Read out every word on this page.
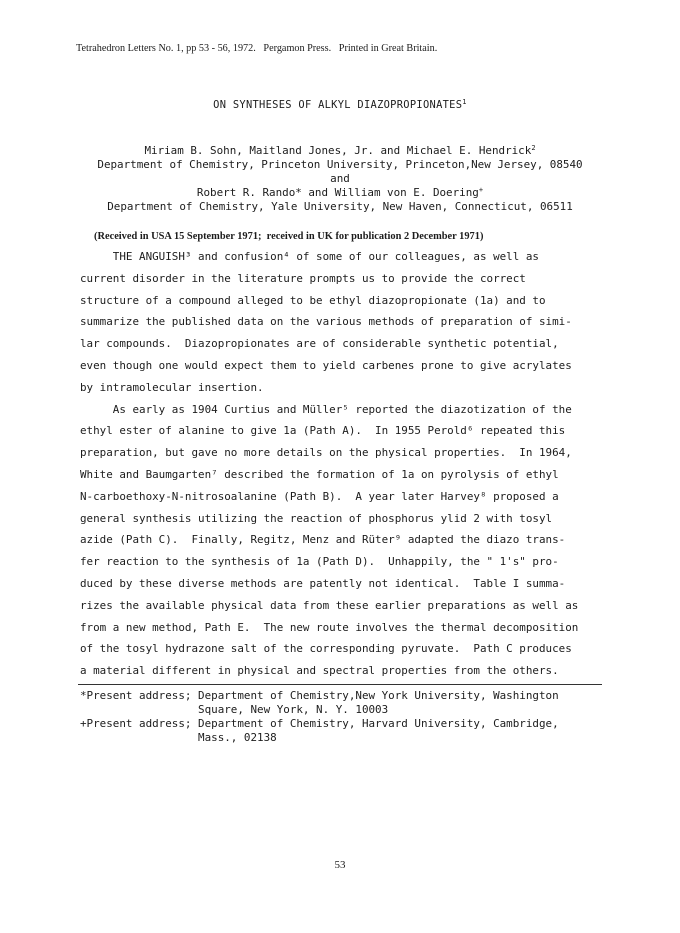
Tetrahedron Letters No. 1, pp 53 - 56, 1972.   Pergamon Press.   Printed in Great Britain.
ON SYNTHESES OF ALKYL DIAZOPROPIONATES$^1$
Miriam B. Sohn, Maitland Jones, Jr. and Michael E. Hendrick$^2$
Department of Chemistry, Princeton University, Princeton,New Jersey, 08540
and
Robert R. Rando* and William von E. Doering+
Department of Chemistry, Yale University, New Haven, Connecticut, 06511
(Received in USA 15 September 1971;  received in UK for publication 2 December 1971)
THE ANGUISH³ and confusion⁴ of some of our colleagues, as well as
current disorder in the literature prompts us to provide the correct
structure of a compound alleged to be ethyl diazopropionate (1a) and to
summarize the published data on the various methods of preparation of simi-
lar compounds.  Diazopropionates are of considerable synthetic potential,
even though one would expect them to yield carbenes prone to give acrylates
by intramolecular insertion.
As early as 1904 Curtius and Müller⁵ reported the diazotization of the
ethyl ester of alanine to give 1a (Path A).  In 1955 Perold⁶ repeated this
preparation, but gave no more details on the physical properties.  In 1964,
White and Baumgarten⁷ described the formation of 1a on pyrolysis of ethyl
N-carboethoxy-N-nitrosoalanine (Path B).  A year later Harvey⁸ proposed a
general synthesis utilizing the reaction of phosphorus ylid 2 with tosyl
azide (Path C).  Finally, Regitz, Menz and Rüter⁹ adapted the diazo trans-
fer reaction to the synthesis of 1a (Path D).  Unhappily, the " 1's" pro-
duced by these diverse methods are patently not identical.  Table I summa-
rizes the available physical data from these earlier preparations as well as
from a new method, Path E.  The new route involves the thermal decomposition
of the tosyl hydrazone salt of the corresponding pyruvate.  Path C produces
a material different in physical and spectral properties from the others.
*Present address; Department of Chemistry,New York University, Washington
Square, New York, N. Y. 10003
+Present address; Department of Chemistry, Harvard University, Cambridge,
Mass., 02138
53
